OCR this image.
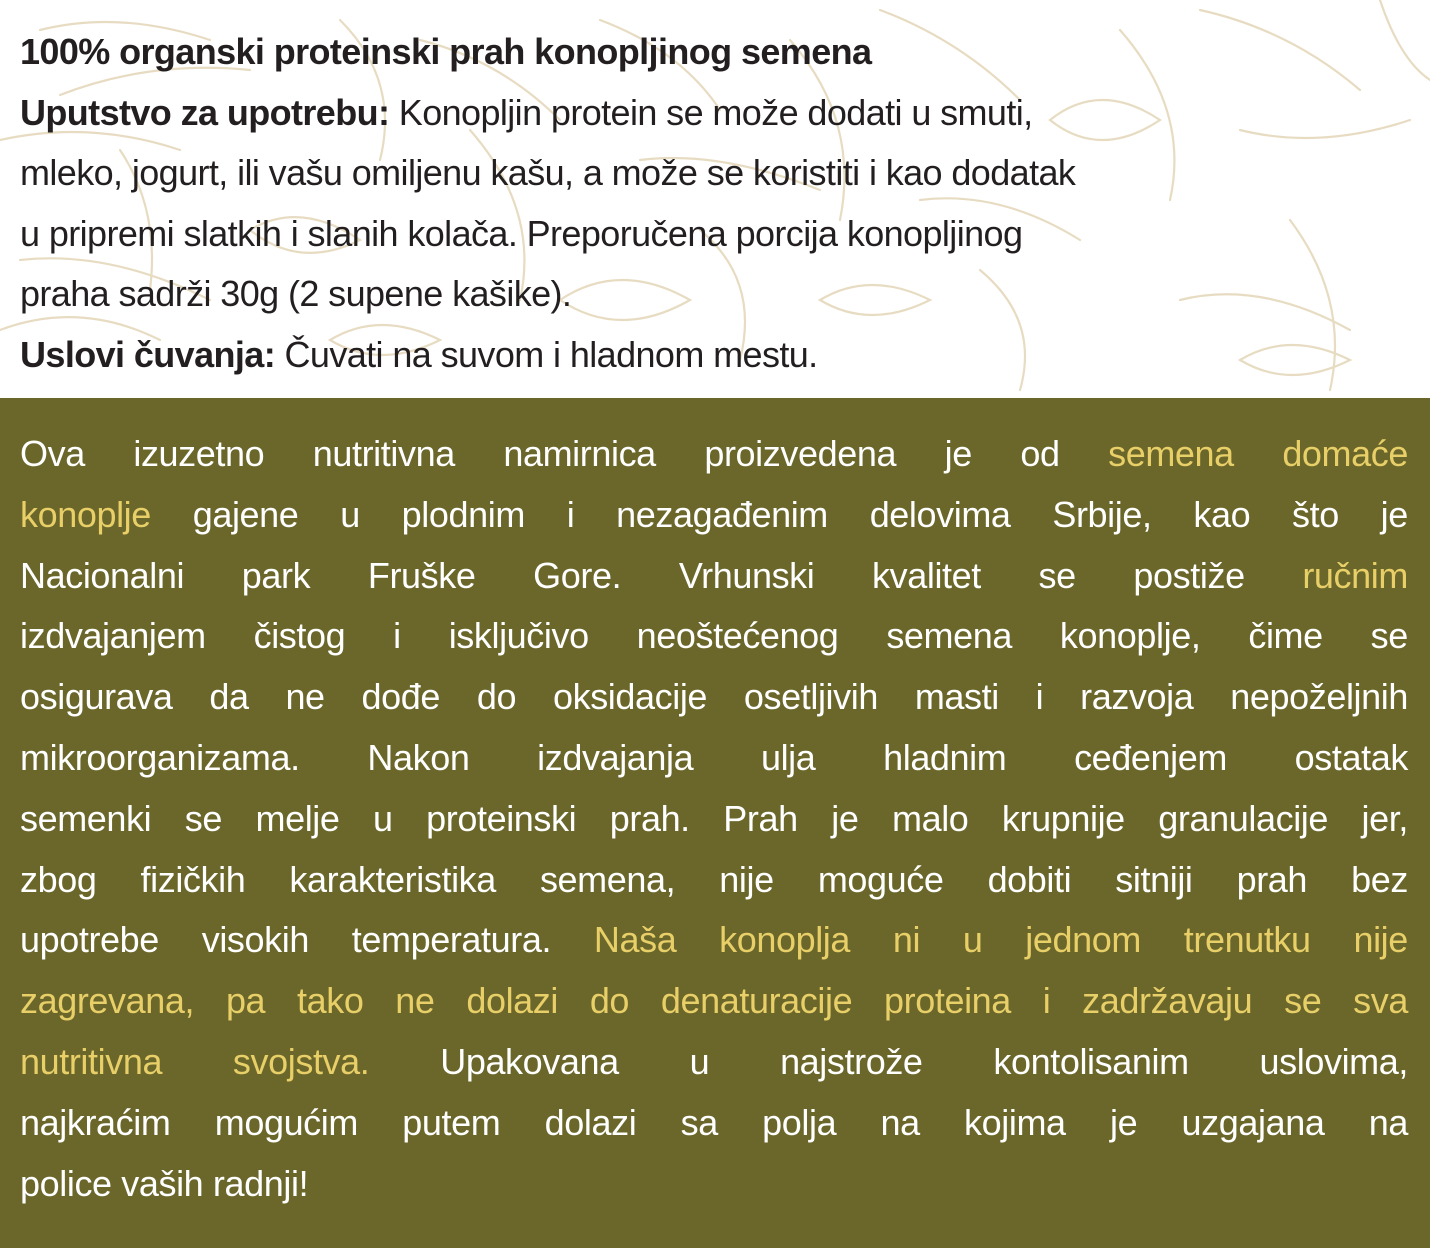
100% organski proteinski prah konopljinog semena
Uputstvo za upotrebu: Konopljin protein se može dodati u smuti,
mleko, jogurt, ili vašu omiljenu kašu, a može se koristiti i kao dodatak
u pripremi slatkih i slanih kolača. Preporučena porcija konopljinog
praha sadrži 30g (2 supene kašike).
Uslovi čuvanja: Čuvati na suvom i hladnom mestu.
Ova izuzetno nutritivna namirnica proizvedena je od semena domaće
konoplje gajene u plodnim i nezagađenim delovima Srbije, kao što je
Nacionalni park Fruške Gore. Vrhunski kvalitet se postiže ručnim
izdvajanjem čistog i isključivo neoštećenog semena konoplje, čime se
osigurava da ne dođe do oksidacije osetljivih masti i razvoja nepoželjnih
mikroorganizama. Nakon izdvajanja ulja hladnim ceđenjem ostatak
semenki se melje u proteinski prah. Prah je malo krupnije granulacije jer,
zbog fizičkih karakteristika semena, nije moguće dobiti sitniji prah bez
upotrebe visokih temperatura. Naša konoplja ni u jednom trenutku nije
zagrevana, pa tako ne dolazi do denaturacije proteina i zadržavaju se sva
nutritivna svojstva. Upakovana u najstrože kontolisanim uslovima,
najkraćim mogućim putem dolazi sa polja na kojima je uzgajana na
police vaših radnji!
